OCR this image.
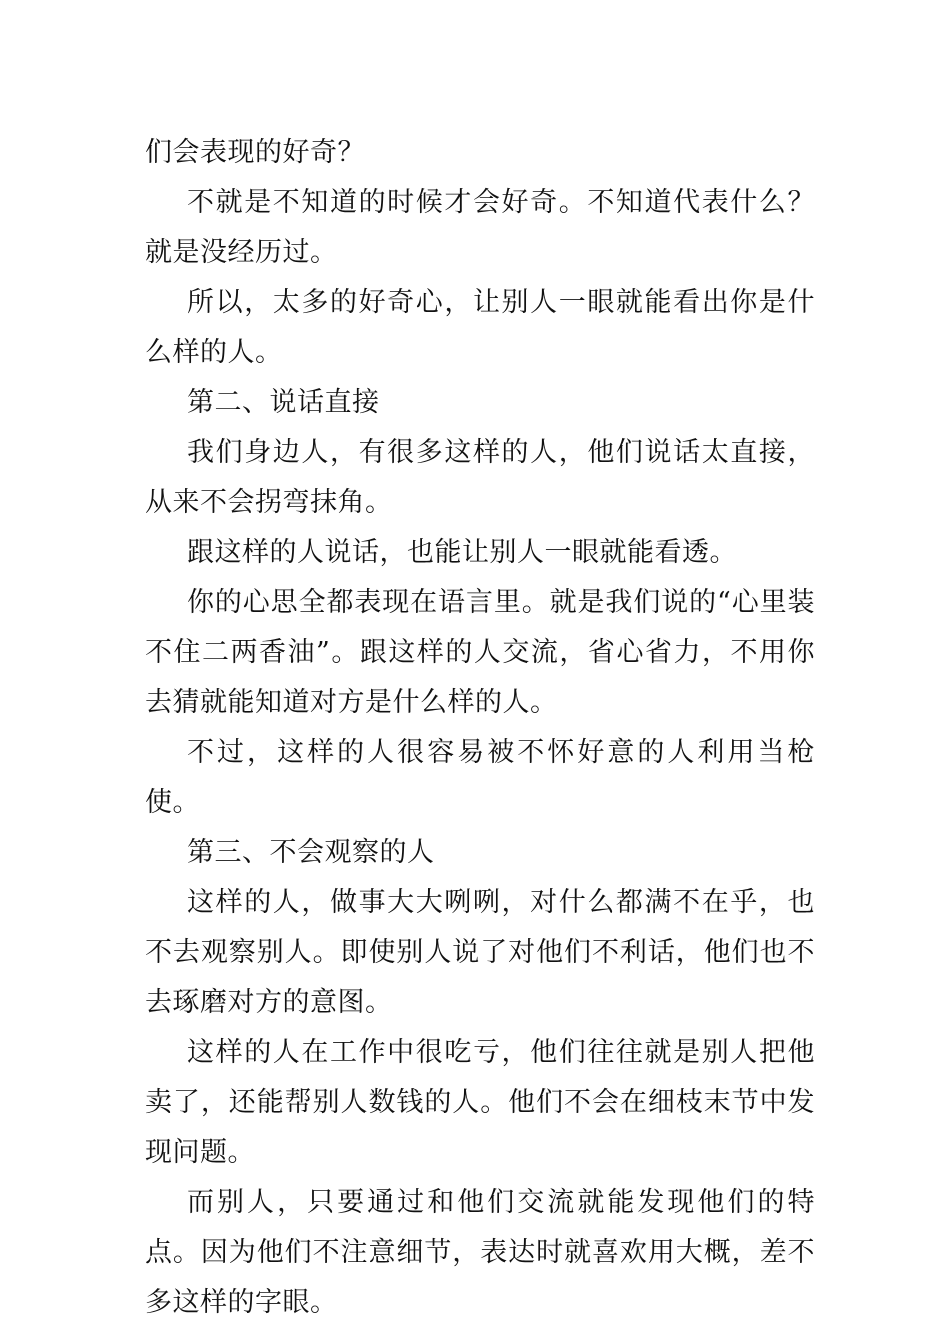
们会表现的好奇？

不就是不知道的时候才会好奇。不知道代表什么？就是没经历过。

所以，太多的好奇心，让别人一眼就能看出你是什么样的人。

第二、说话直接

我们身边人，有很多这样的人，他们说话太直接，从来不会拐弯抹角。

跟这样的人说话，也能让别人一眼就能看透。

你的心思全都表现在语言里。就是我们说的“心里装不住二两香油”。跟这样的人交流，省心省力，不用你去猜就能知道对方是什么样的人。

不过，这样的人很容易被不怀好意的人利用当枪使。

第三、不会观察的人

这样的人，做事大大咧咧，对什么都满不在乎，也不去观察别人。即使别人说了对他们不利话，他们也不去琢磨对方的意图。

这样的人在工作中很吃亏，他们往往就是别人把他卖了，还能帮别人数钱的人。他们不会在细枝末节中发现问题。

而别人，只要通过和他们交流就能发现他们的特点。因为他们不注意细节，表达时就喜欢用大概，差不多这样的字眼。
